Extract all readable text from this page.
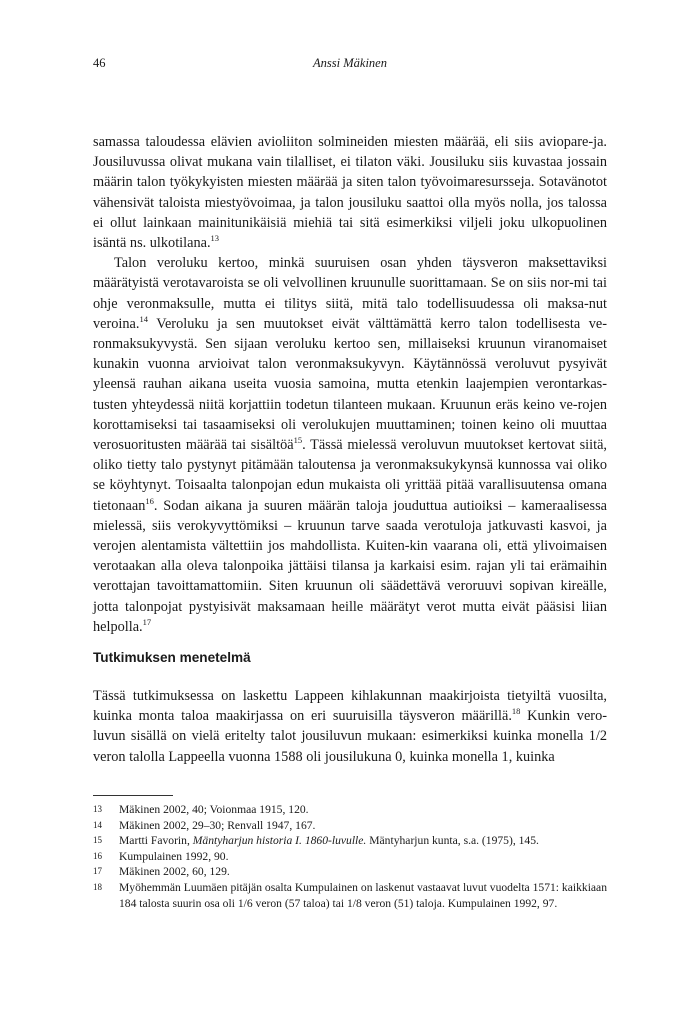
46	Anssi Mäkinen

samassa taloudessa elävien avioliiton solmineiden miesten määrää, eli siis aviopare-ja. Jousiluvussa olivat mukana vain tilalliset, ei tilaton väki. Jousiluku siis kuvastaa jossain määrin talon työkykyisten miesten määrää ja siten talon työvoimaresursseja. Sotavänotot vähensivät taloista miestyövoimaa, ja talon jousiluku saattoi olla myös nolla, jos talossa ei ollut lainkaan mainitunikäisiä miehiä tai sitä esimerkiksi viljeli joku ulkopuolinen isäntä ns. ulkotilana.$^{13}$

Talon veroluku kertoo, minkä suuruisen osan yhden täysveron maksettaviksi määrätyistä verotavaroista se oli velvollinen kruunulle suorittamaan. Se on siis nor-mi tai ohje veronmaksulle, mutta ei tilitys siitä, mitä talo todellisuudessa oli maksa-nut veroina.$^{14}$ Veroluku ja sen muutokset eivät välttämättä kerro talon todellisesta ve-ronmaksukyvystä. Sen sijaan veroluku kertoo sen, millaiseksi kruunun viranomaiset kunakin vuonna arvioivat talon veronmaksukyvyn. Käytännössä veroluvut pysyivät yleensä rauhan aikana useita vuosia samoina, mutta etenkin laajempien verontarkas-tusten yhteydessä niitä korjattiin todetun tilanteen mukaan. Kruunun eräs keino ve-rojen korottamiseksi tai tasaamiseksi oli verolukujen muuttaminen; toinen keino oli muuttaa verosuoritusten määrää tai sisältöä$^{15}$. Tässä mielessä veroluvun muutokset kertovat siitä, oliko tietty talo pystynyt pitämään taloutensa ja veronmaksukykynsä kunnossa vai oliko se köyhtynyt. Toisaalta talonpojan edun mukaista oli yrittää pitää varallisuutensa omana tietonaan$^{16}$. Sodan aikana ja suuren määrän taloja jouduttua autioiksi – kameraalisessa mielessä, siis verokyvyttömiksi – kruunun tarve saada verotuloja jatkuvasti kasvoi, ja verojen alentamista vältettiin jos mahdollista. Kuiten-kin vaarana oli, että ylivoimaisen verotaakan alla oleva talonpoika jättäisi tilansa ja karkaisi esim. rajan yli tai erämaihin verottajan tavoittamattomiin. Siten kruunun oli säädettävä veroruuvi sopivan kireälle, jotta talonpojat pystyisivät maksamaan heille määrätyt verot mutta eivät pääsisi liian helpolla.$^{17}$

Tutkimuksen menetelmä

Tässä tutkimuksessa on laskettu Lappeen kihlakunnan maakirjoista tietyiltä vuosilta, kuinka monta taloa maakirjassa on eri suuruisilla täysveron määrillä.$^{18}$ Kunkin vero-luvun sisällä on vielä eritelty talot jousiluvun mukaan: esimerkiksi kuinka monella 1/2 veron talolla Lappeella vuonna 1588 oli jousilukuna 0, kuinka monella 1, kuinka

13	Mäkinen 2002, 40; Voionmaa 1915, 120.
14	Mäkinen 2002, 29–30; Renvall 1947, 167.
15	Martti Favorin, Mäntyharjun historia I. 1860-luvulle. Mäntyharjun kunta, s.a. (1975), 145.
16	Kumpulainen 1992, 90.
17	Mäkinen 2002, 60, 129.
18	Myöhemmän Luumäen pitäjän osalta Kumpulainen on laskenut vastaavat luvut vuodelta 1571: kaikkiaan 184 talosta suurin osa oli 1/6 veron (57 taloa) tai 1/8 veron (51) taloja. Kumpulainen 1992, 97.
